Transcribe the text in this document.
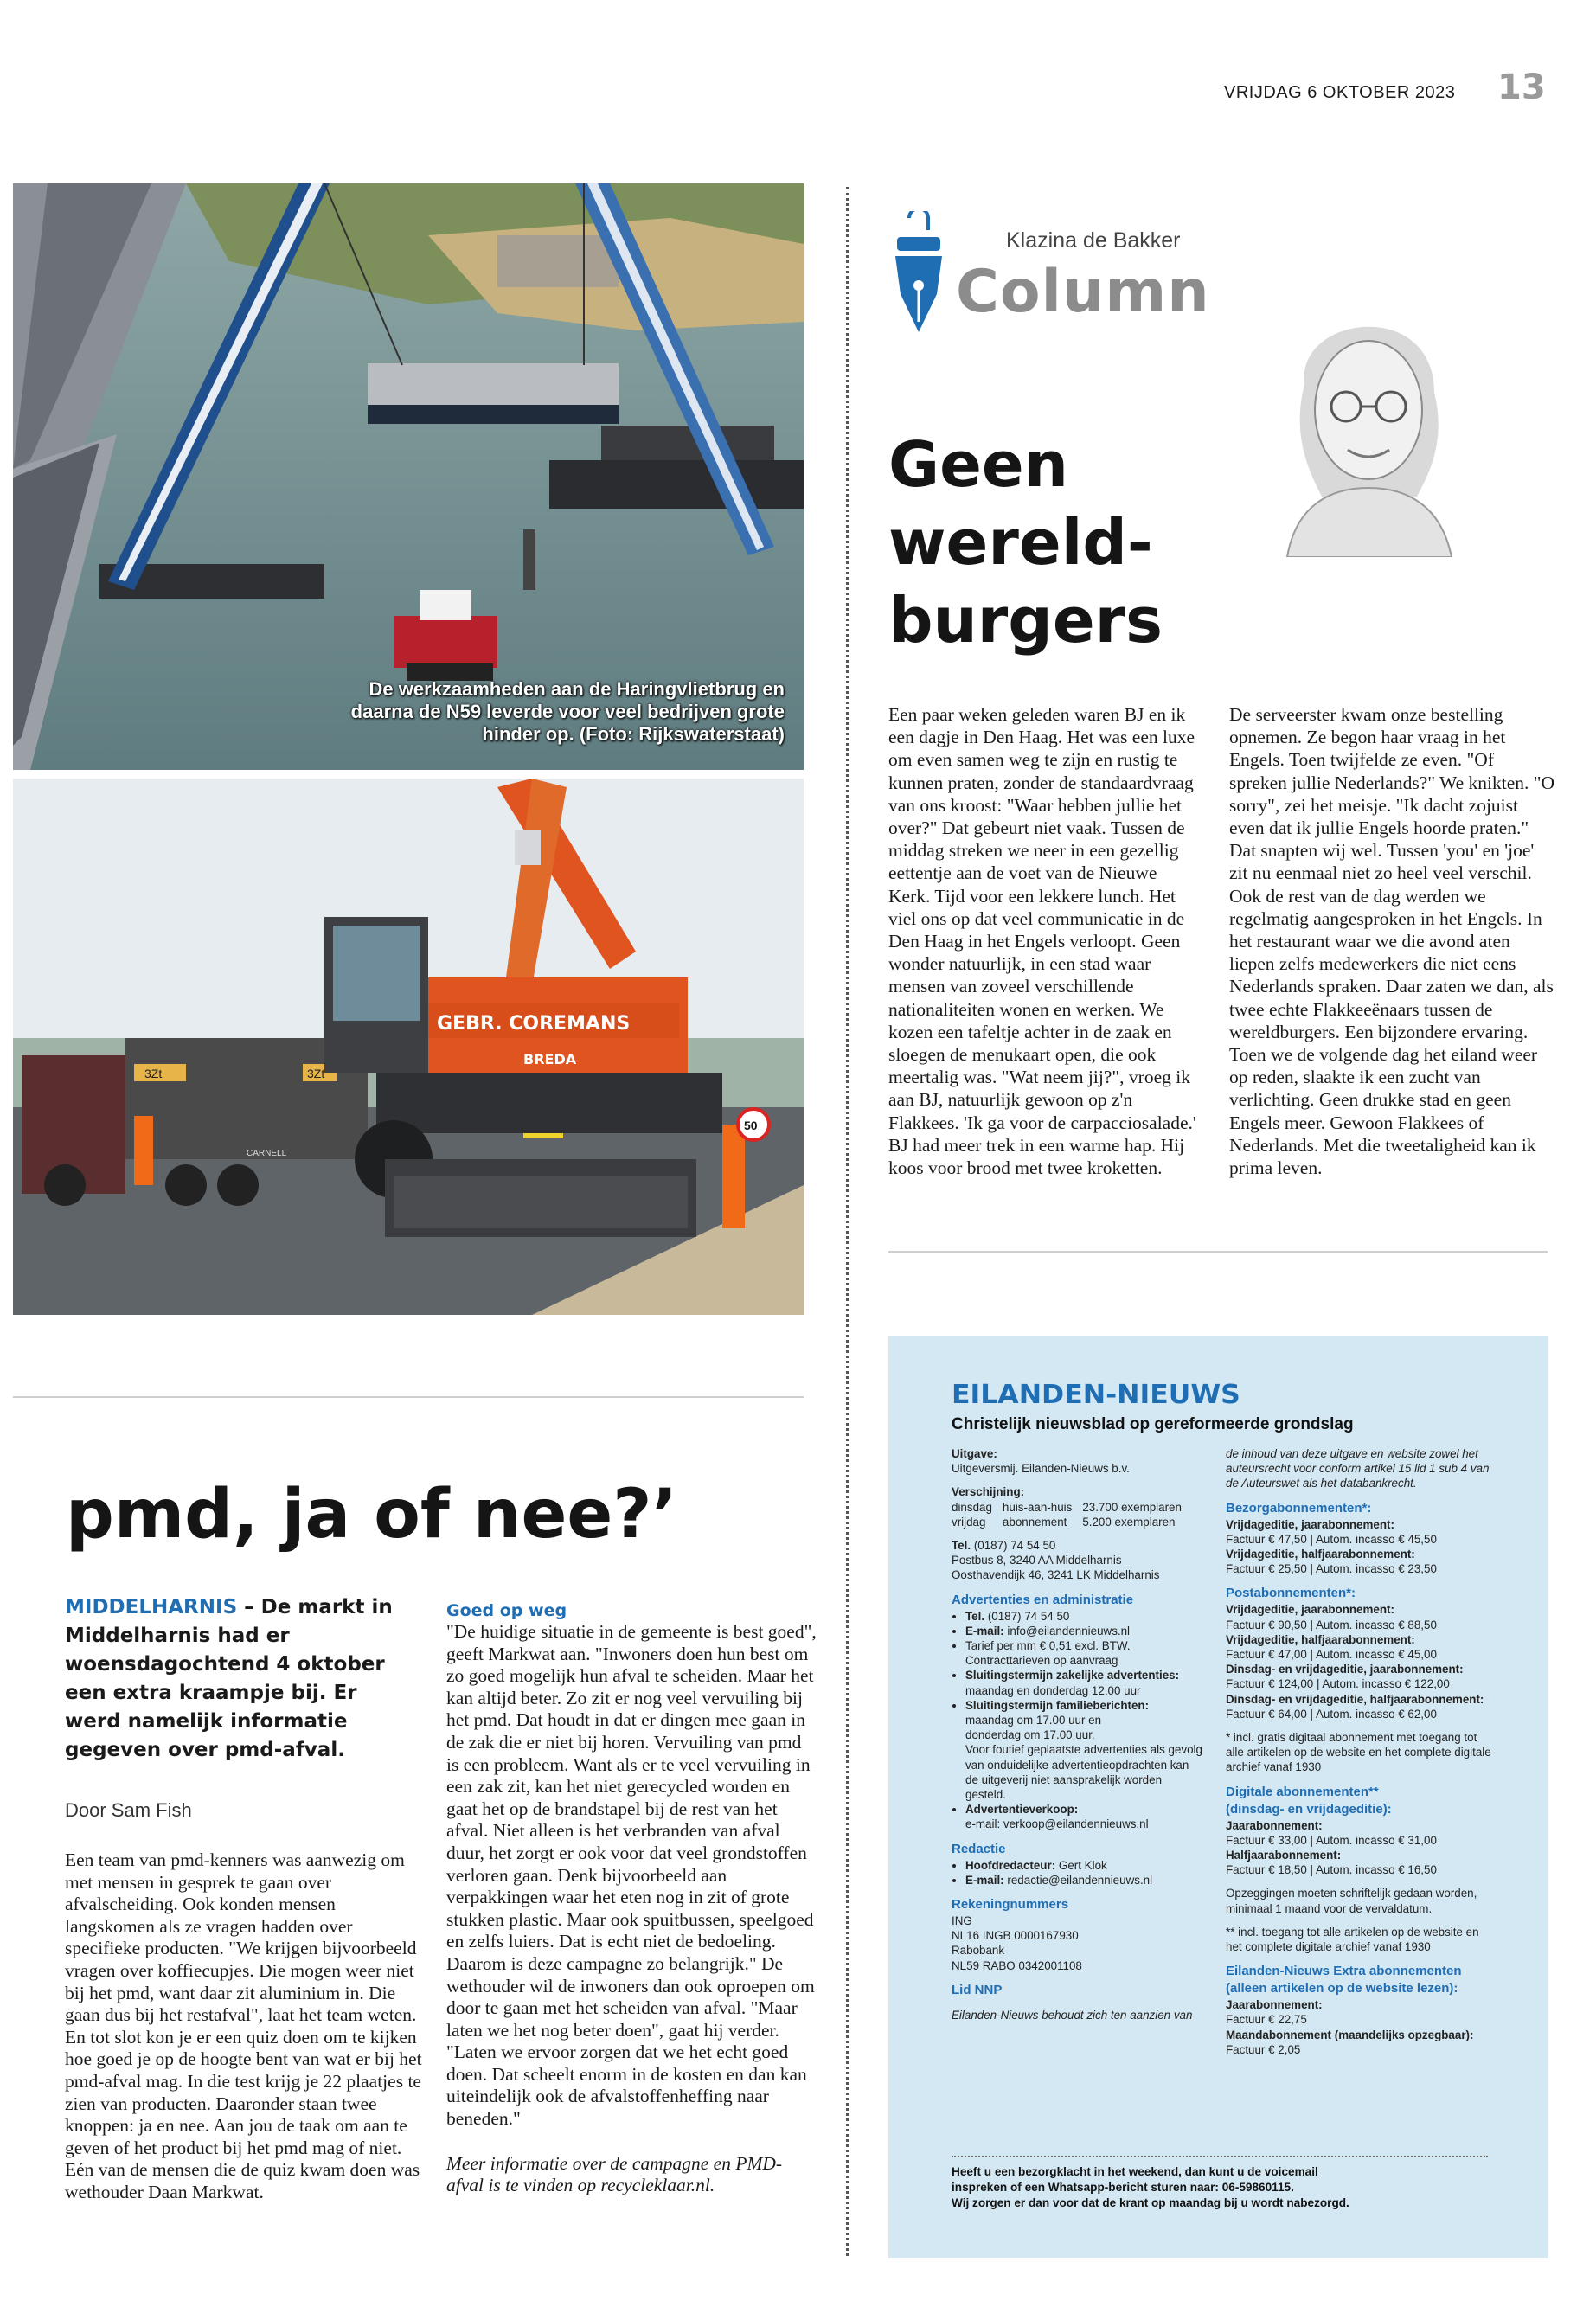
VRIJDAG 6 OKTOBER 2023 13
De werkzaamheden aan de Haringvlietbrug en daarna de N59 leverde voor veel bedrijven grote hinder op. (Foto: Rijkswaterstaat)
3Zt	3Zt
CARNELL
GEBR. COREMANS
BREDA
50
Klazina de Bakker
Column
Geen wereld-burgers

Een paar weken geleden waren BJ en ik een dagje in Den Haag. Het was een luxe om even samen weg te zijn en rustig te kunnen praten, zonder de standaardvraag van ons kroost: "Waar hebben jullie het over?" Dat gebeurt niet vaak. Tussen de middag streken we neer in een gezellig eettentje aan de voet van de Nieuwe Kerk. Tijd voor een lekkere lunch. Het viel ons op dat veel communicatie in de Den Haag in het Engels verloopt. Geen wonder natuurlijk, in een stad waar mensen van zoveel verschillende nationaliteiten wonen en werken. We kozen een tafeltje achter in de zaak en sloegen de menukaart open, die ook meertalig was. "Wat neem jij?", vroeg ik aan BJ, natuurlijk gewoon op z'n Flakkees. 'Ik ga voor de carpacciosalade.' BJ had meer trek in een warme hap. Hij koos voor brood met twee kroketten.

De serveerster kwam onze bestelling opnemen. Ze begon haar vraag in het Engels. Toen twijfelde ze even. "Of spreken jullie Nederlands?" We knikten. "O sorry", zei het meisje. "Ik dacht zojuist even dat ik jullie Engels hoorde praten." Dat snapten wij wel. Tussen 'you' en 'joe' zit nu eenmaal niet zo heel veel verschil. Ook de rest van de dag werden we regelmatig aangesproken in het Engels. In het restaurant waar we die avond aten liepen zelfs medewerkers die niet eens Nederlands spraken. Daar zaten we dan, als twee echte Flakkeeënaars tussen de wereldburgers. Een bijzondere ervaring. Toen we de volgende dag het eiland weer op reden, slaakte ik een zucht van verlichting. Geen drukke stad en geen Engels meer. Gewoon Flakkees of Nederlands. Met die tweetaligheid kan ik prima leven.

pmd, ja of nee?’
MIDDELHARNIS – De markt in Middelharnis had er woensdagochtend 4 oktober een extra kraampje bij. Er werd namelijk informatie gegeven over pmd-afval.
Door Sam Fish

Een team van pmd-kenners was aanwezig om met mensen in gesprek te gaan over afvalscheiding. Ook konden mensen langskomen als ze vragen hadden over specifieke producten. "We krijgen bijvoorbeeld vragen over koffiecupjes. Die mogen weer niet bij het pmd, want daar zit aluminium in. Die gaan dus bij het restafval", laat het team weten.

En tot slot kon je er een quiz doen om te kijken hoe goed je op de hoogte bent van wat er bij het pmd-afval mag. In die test krijg je 22 plaatjes te zien van producten. Daaronder staan twee knoppen: ja en nee. Aan jou de taak om aan te geven of het product bij het pmd mag of niet. Eén van de mensen die de quiz kwam doen was wethouder Daan Markwat.

Goed op weg

"De huidige situatie in de gemeente is best goed", geeft Markwat aan. "Inwoners doen hun best om zo goed mogelijk hun afval te scheiden. Maar het kan altijd beter. Zo zit er nog veel vervuiling bij het pmd. Dat houdt in dat er dingen mee gaan in de zak die er niet bij horen. Vervuiling van pmd is een probleem. Want als er te veel vervuiling in een zak zit, kan het niet gerecycled worden en gaat het op de brandstapel bij de rest van het afval. Niet alleen is het verbranden van afval duur, het zorgt er ook voor dat veel grondstoffen verloren gaan. Denk bijvoorbeeld aan verpakkingen waar het eten nog in zit of grote stukken plastic. Maar ook spuitbussen, speelgoed en zelfs luiers. Dat is echt niet de bedoeling. Daarom is deze campagne zo belangrijk." De wethouder wil de inwoners dan ook oproepen om door te gaan met het scheiden van afval. "Maar laten we het nog beter doen", gaat hij verder. "Laten we ervoor zorgen dat we het echt goed doen. Dat scheelt enorm in de kosten en dan kan uiteindelijk ook de afvalstoffenheffing naar beneden."

Meer informatie over de campagne en PMD-afval is te vinden op recycleklaar.nl.

EILANDEN-NIEUWS
Christelijk nieuwsblad op gereformeerde grondslag
Uitgave:
Uitgeversmij. Eilanden-Nieuws b.v.
Verschijning:
dinsdag	huis-aan-huis	23.700 exemplaren
vrijdag	abonnement	5.200 exemplaren
Tel. (0187) 74 54 50
Postbus 8, 3240 AA Middelharnis
Oosthavendijk 46, 3241 LK Middelharnis
Advertenties en administratie
• Tel. (0187) 74 54 50
• E-mail: info@eilandennieuws.nl
• Tarief per mm € 0,51 excl. BTW.
Contracttarieven op aanvraag
• Sluitingstermijn zakelijke advertenties:
maandag en donderdag 12.00 uur
• Sluitingstermijn familieberichten:
maandag om 17.00 uur en
donderdag om 17.00 uur.
Voor foutief geplaatste advertenties als gevolg van onduidelijke advertentieopdrachten kan de uitgeverij niet aansprakelijk worden gesteld.
• Advertentieverkoop:
e-mail: verkoop@eilandennieuws.nl
Redactie
• Hoofdredacteur: Gert Klok
• E-mail: redactie@eilandennieuws.nl
Rekeningnummers
ING
NL16 INGB 0000167930
Rabobank
NL59 RABO 0342001108
Lid NNP
Eilanden-Nieuws behoudt zich ten aanzien van
de inhoud van deze uitgave en website zowel het auteursrecht voor conform artikel 15 lid 1 sub 4 van de Auteurswet als het databankrecht.
Bezorgabonnementen*:
Vrijdageditie, jaarabonnement:
Factuur € 47,50 | Autom. incasso € 45,50
Vrijdageditie, halfjaarabonnement:
Factuur € 25,50 | Autom. incasso € 23,50
Postabonnementen*:
Vrijdageditie, jaarabonnement:
Factuur € 90,50 | Autom. incasso € 88,50
Vrijdageditie, halfjaarabonnement:
Factuur € 47,00 | Autom. incasso € 45,00
Dinsdag- en vrijdageditie, jaarabonnement:
Factuur € 124,00 | Autom. incasso € 122,00
Dinsdag- en vrijdageditie, halfjaarabonnement:
Factuur € 64,00 | Autom. incasso € 62,00
* incl. gratis digitaal abonnement met toegang tot alle artikelen op de website en het complete digitale archief vanaf 1930
Digitale abonnementen**
(dinsdag- en vrijdageditie):
Jaarabonnement:
Factuur € 33,00 | Autom. incasso € 31,00
Halfjaarabonnement:
Factuur € 18,50 | Autom. incasso € 16,50
Opzeggingen moeten schriftelijk gedaan worden, minimaal 1 maand voor de vervaldatum.
** incl. toegang tot alle artikelen op de website en het complete digitale archief vanaf 1930
Eilanden-Nieuws Extra abonnementen
(alleen artikelen op de website lezen):
Jaarabonnement:
Factuur € 22,75
Maandabonnement (maandelijks opzegbaar):
Factuur € 2,05
Heeft u een bezorgklacht in het weekend, dan kunt u de voicemail
inspreken of een Whatsapp-bericht sturen naar: 06-59860115.
Wij zorgen er dan voor dat de krant op maandag bij u wordt nabezorgd.
